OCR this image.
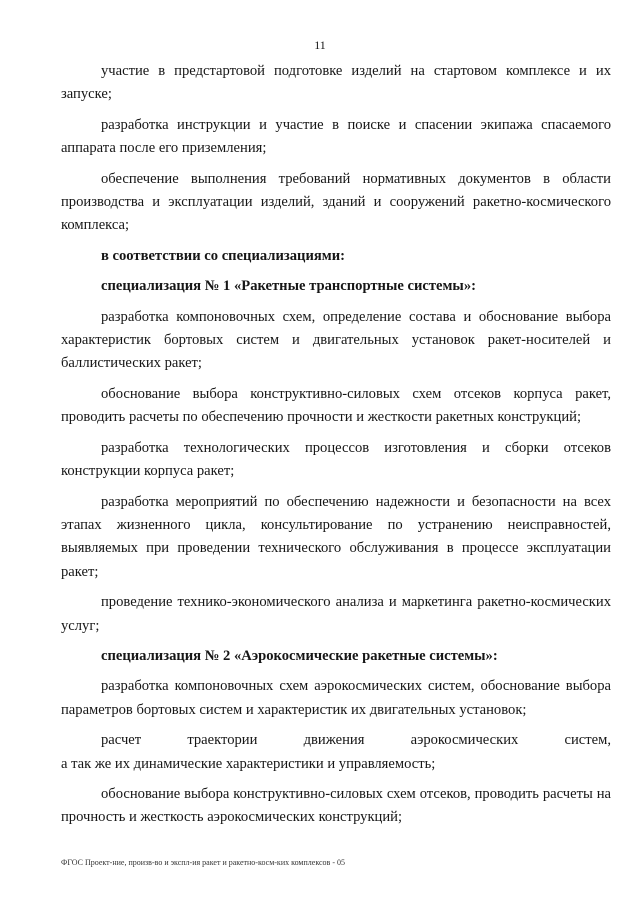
11

участие в предстартовой подготовке изделий на стартовом комплексе и их запуске;

разработка инструкции и участие в поиске и спасении экипажа спасаемого аппарата после его приземления;

обеспечение выполнения требований нормативных документов в области производства и эксплуатации изделий, зданий и сооружений ракетно-космического комплекса;

в соответствии со специализациями:

специализация № 1 «Ракетные транспортные системы»:

разработка компоновочных схем, определение состава и обоснование выбора характеристик бортовых систем и двигательных установок ракет-носителей и баллистических ракет;

обоснование выбора конструктивно-силовых схем отсеков корпуса ракет, проводить расчеты по обеспечению прочности и жесткости ракетных конструкций;

разработка технологических процессов изготовления и сборки отсеков конструкции корпуса ракет;

разработка мероприятий по обеспечению надежности и безопасности на всех этапах жизненного цикла, консультирование по устранению неисправностей, выявляемых при проведении технического обслуживания в процессе эксплуатации ракет;

проведение технико-экономического анализа и маркетинга ракетно-космических услуг;

специализация № 2 «Аэрокосмические ракетные системы»:

разработка компоновочных схем аэрокосмических систем, обоснование выбора параметров бортовых систем и характеристик их двигательных установок;

расчет траектории движения аэрокосмических систем,

а так же их динамические характеристики и управляемость;

обоснование выбора конструктивно-силовых схем отсеков, проводить расчеты на прочность и жесткость аэрокосмических конструкций;

ФГОС Проект-ние, произв-во и экспл-ия ракет и ракетно-косм-ких комплексов - 05
